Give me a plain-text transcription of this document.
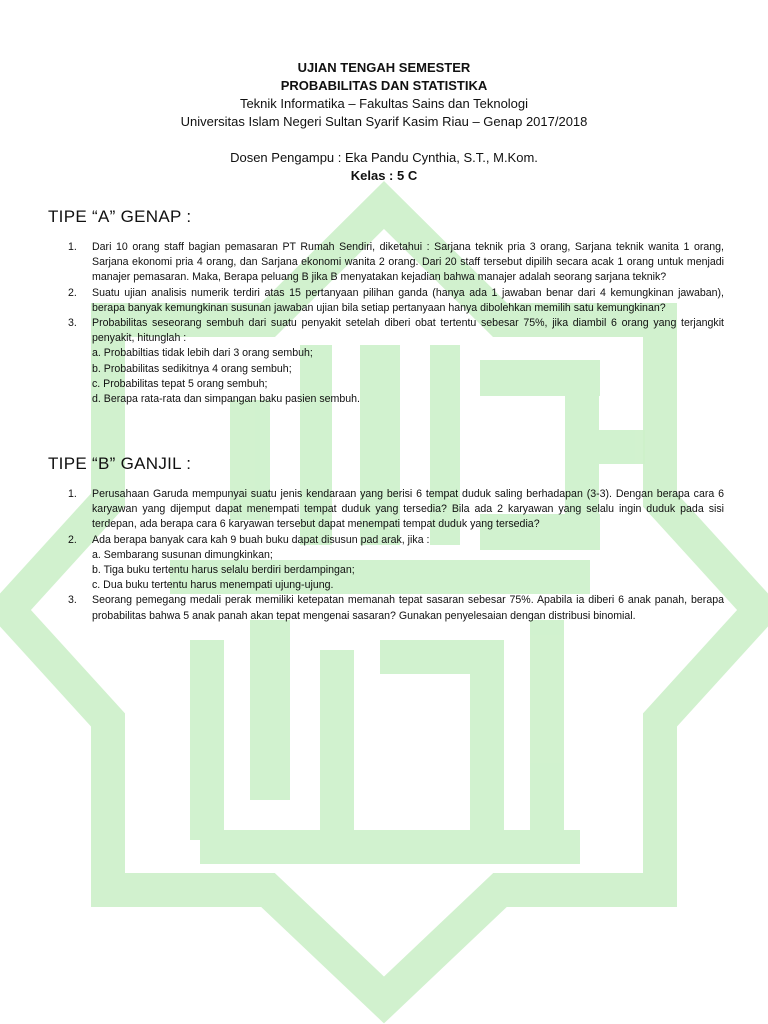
UJIAN TENGAH SEMESTER
PROBABILITAS DAN STATISTIKA
Teknik Informatika – Fakultas Sains dan Teknologi
Universitas Islam Negeri Sultan Syarif Kasim Riau – Genap 2017/2018
Dosen Pengampu : Eka Pandu Cynthia, S.T., M.Kom.
Kelas : 5 C
TIPE “A” GENAP :
1.	Dari 10 orang staff bagian pemasaran PT Rumah Sendiri, diketahui : Sarjana teknik pria 3 orang, Sarjana teknik wanita 1 orang, Sarjana ekonomi pria 4 orang, dan Sarjana ekonomi wanita 2 orang. Dari 20 staff tersebut dipilih secara acak 1 orang untuk menjadi manajer pemasaran. Maka, Berapa peluang B jika B menyatakan kejadian bahwa manajer adalah seorang sarjana teknik?
2.	Suatu ujian analisis numerik terdiri atas 15 pertanyaan pilihan ganda (hanya ada 1 jawaban benar dari 4 kemungkinan jawaban), berapa banyak kemungkinan susunan jawaban ujian bila setiap pertanyaan hanya dibolehkan memilih satu kemungkinan?
3.	Probabilitas seseorang sembuh dari suatu penyakit setelah diberi obat tertentu sebesar 75%, jika diambil 6 orang yang terjangkit penyakit, hitunglah :
a. Probabiltias tidak lebih dari 3 orang sembuh;
b. Probabilitas sedikitnya 4 orang sembuh;
c. Probabilitas tepat 5 orang sembuh;
d. Berapa rata-rata dan simpangan baku pasien sembuh.
TIPE “B” GANJIL :
1.	Perusahaan Garuda mempunyai suatu jenis kendaraan yang berisi 6 tempat duduk saling berhadapan (3-3). Dengan berapa cara 6 karyawan yang dijemput dapat menempati tempat duduk yang tersedia? Bila ada 2 karyawan yang selalu ingin duduk pada sisi terdepan, ada berapa cara 6 karyawan tersebut dapat menempati tempat duduk yang tersedia?
2.	Ada berapa banyak cara kah 9 buah buku dapat disusun pad arak, jika :
a. Sembarang susunan dimungkinkan;
b. Tiga buku tertentu harus selalu berdiri berdampingan;
c. Dua buku tertentu harus menempati ujung-ujung.
3.	Seorang pemegang medali perak memiliki ketepatan memanah tepat sasaran sebesar 75%. Apabila ia diberi 6 anak panah, berapa probabilitas bahwa 5 anak panah akan tepat mengenai sasaran? Gunakan penyelesaian dengan distribusi binomial.
